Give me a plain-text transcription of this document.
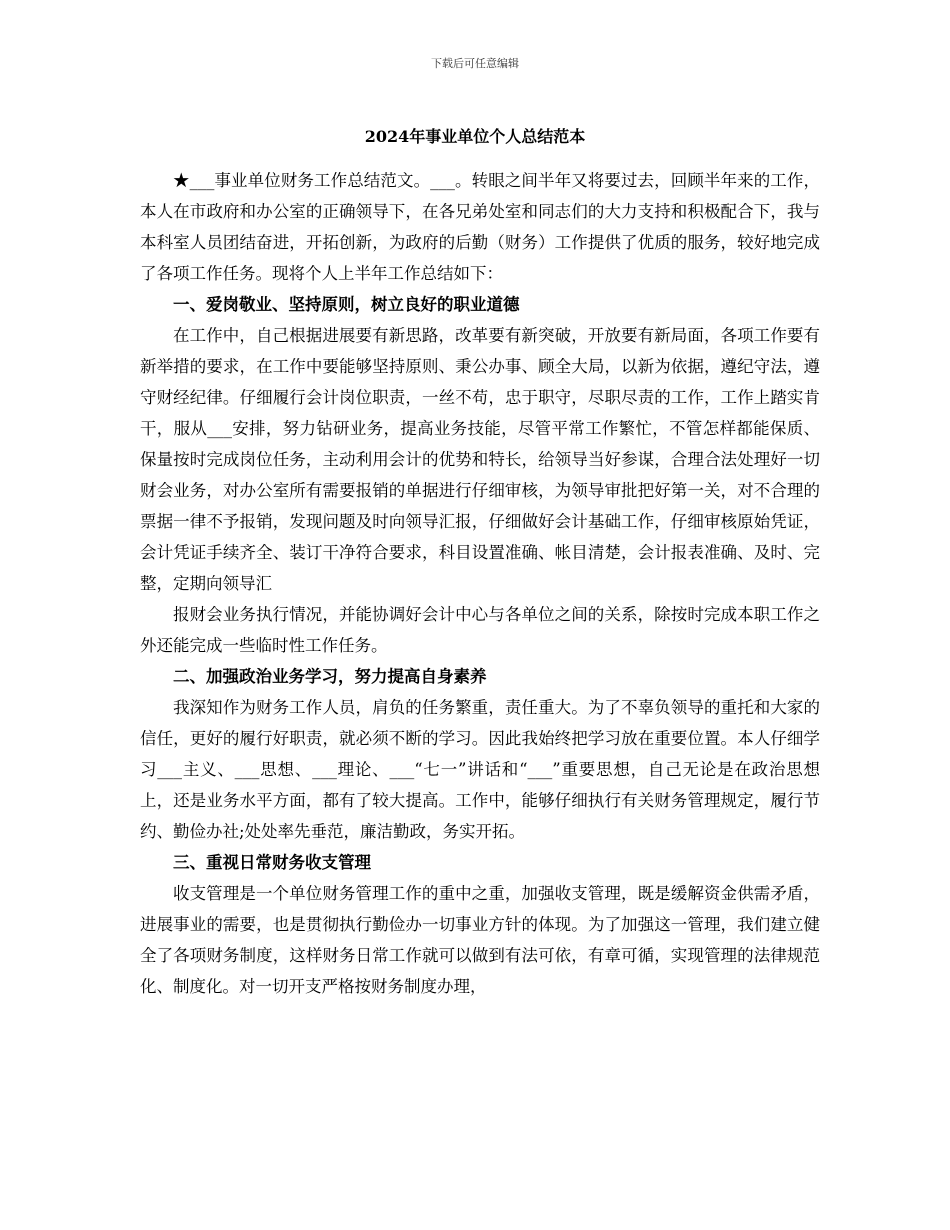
下载后可任意编辑
2024年事业单位个人总结范本

★___事业单位财务工作总结范文。___。转眼之间半年又将要过去，回顾半年来的工作，本人在市政府和办公室的正确领导下，在各兄弟处室和同志们的大力支持和积极配合下，我与本科室人员团结奋进，开拓创新，为政府的后勤（财务）工作提供了优质的服务，较好地完成了各项工作任务。现将个人上半年工作总结如下：

一、爱岗敬业、坚持原则，树立良好的职业道德

在工作中，自己根据进展要有新思路，改革要有新突破，开放要有新局面，各项工作要有新举措的要求，在工作中要能够坚持原则、秉公办事、顾全大局，以新为依据，遵纪守法，遵守财经纪律。仔细履行会计岗位职责，一丝不苟，忠于职守，尽职尽责的工作，工作上踏实肯干，服从___安排，努力钻研业务，提高业务技能，尽管平常工作繁忙，不管怎样都能保质、保量按时完成岗位任务，主动利用会计的优势和特长，给领导当好参谋，合理合法处理好一切财会业务，对办公室所有需要报销的单据进行仔细审核，为领导审批把好第一关，对不合理的票据一律不予报销，发现问题及时向领导汇报，仔细做好会计基础工作，仔细审核原始凭证，会计凭证手续齐全、装订干净符合要求，科目设置准确、帐目清楚，会计报表准确、及时、完整，定期向领导汇

报财会业务执行情况，并能协调好会计中心与各单位之间的关系，除按时完成本职工作之外还能完成一些临时性工作任务。

二、加强政治业务学习，努力提高自身素养

我深知作为财务工作人员，肩负的任务繁重，责任重大。为了不辜负领导的重托和大家的信任，更好的履行好职责，就必须不断的学习。因此我始终把学习放在重要位置。本人仔细学习___主义、___思想、___理论、___“七一”讲话和“___”重要思想，自己无论是在政治思想上，还是业务水平方面，都有了较大提高。工作中，能够仔细执行有关财务管理规定，履行节约、勤俭办社;处处率先垂范，廉洁勤政，务实开拓。

三、重视日常财务收支管理

收支管理是一个单位财务管理工作的重中之重，加强收支管理，既是缓解资金供需矛盾，进展事业的需要，也是贯彻执行勤俭办一切事业方针的体现。为了加强这一管理，我们建立健全了各项财务制度，这样财务日常工作就可以做到有法可依，有章可循，实现管理的法律规范化、制度化。对一切开支严格按财务制度办理，
